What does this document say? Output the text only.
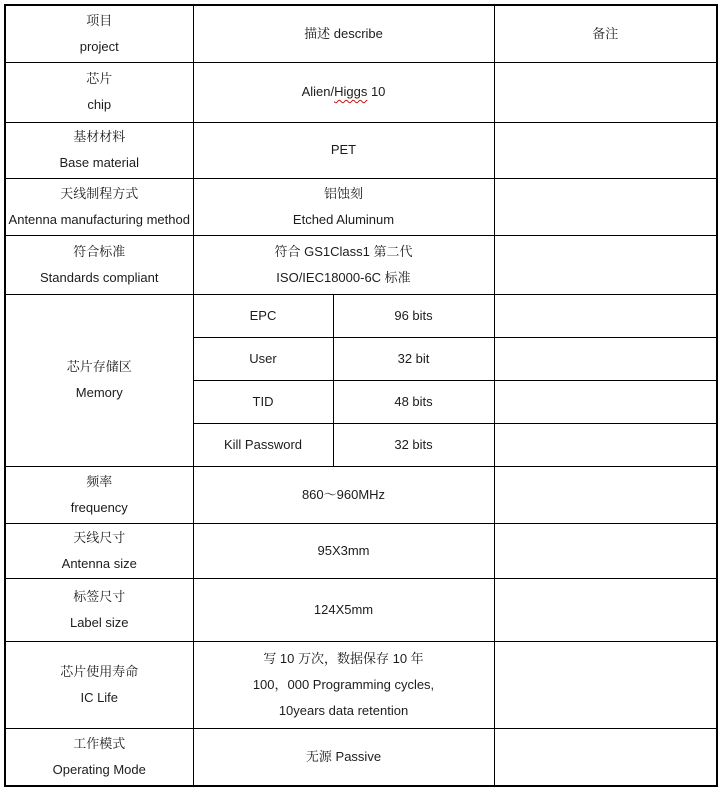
项目
project	描述 describe		备注

芯片
chip	Alien/Higgs 10		

基材材料
Base material	PET		

天线制程方式
Antenna manufacturing method	铝蚀刻
Etched Aluminum		

符合标准
Standards compliant	符合 GS1Class1 第二代
ISO/IEC18000-6C 标准		

芯片存储区
Memory	EPC	96 bits	
	User	32 bit	
	TID	48 bits	
	Kill Password	32 bits	

频率
frequency	860～960MHz		

天线尺寸
Antenna size	95X3mm		

标签尺寸
Label size	124X5mm		

芯片使用寿命
IC Life	写 10 万次，数据保存 10 年
100，000 Programming cycles,
10years data retention		

工作模式
Operating Mode	无源 Passive		
